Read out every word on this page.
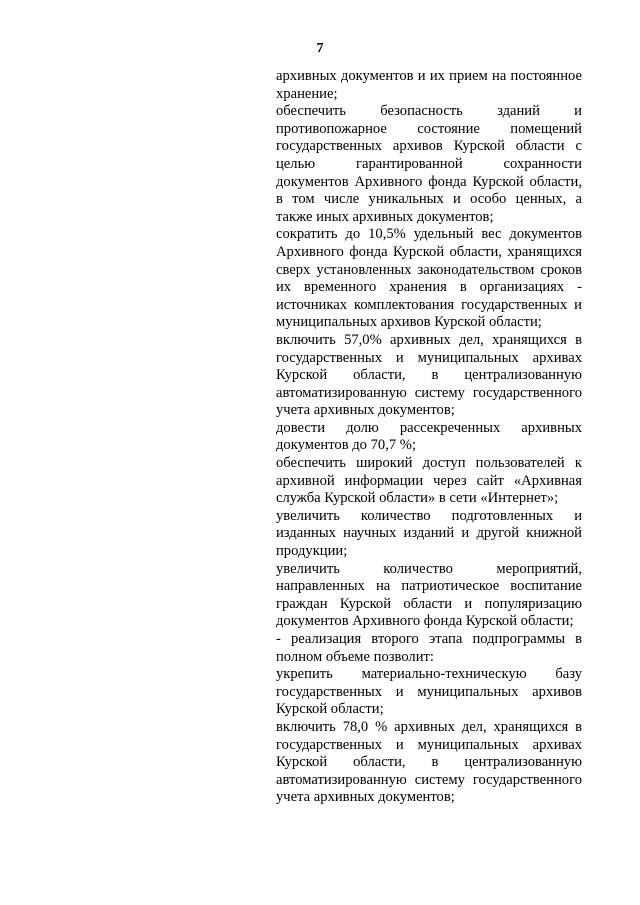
7

архивных документов и их прием на постоянное хранение;

обеспечить безопасность зданий и противопожарное состояние помещений государственных архивов Курской области с целью гарантированной сохранности документов Архивного фонда Курской области, в том числе уникальных и особо ценных, а также иных архивных документов;

сократить до 10,5% удельный вес документов Архивного фонда Курской области, хранящихся сверх установленных законодательством сроков их временного хранения в организациях - источниках комплектования государственных и муниципальных архивов Курской области;

включить 57,0% архивных дел, хранящихся в государственных и муниципальных архивах Курской области, в централизованную автоматизированную систему государственного учета архивных документов;

довести долю рассекреченных архивных документов до 70,7 %;

обеспечить широкий доступ пользователей к архивной информации через сайт «Архивная служба Курской области» в сети «Интернет»;

увеличить количество подготовленных и изданных научных изданий и другой книжной продукции;

увеличить количество мероприятий, направленных на патриотическое воспитание граждан Курской области и популяризацию документов Архивного фонда Курской области;

- реализация второго этапа подпрограммы в полном объеме позволит:

укрепить материально-техническую базу государственных и муниципальных архивов Курской области;

включить 78,0 % архивных дел, хранящихся в государственных и муниципальных архивах Курской области, в централизованную автоматизированную систему государственного учета архивных документов;
